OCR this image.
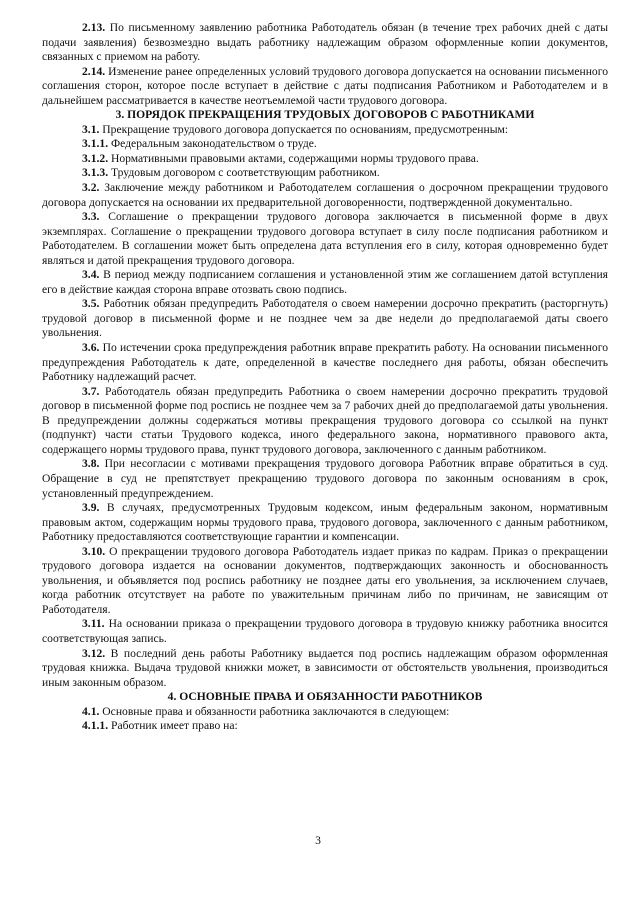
2.13. По письменному заявлению работника Работодатель обязан (в течение трех рабочих дней с даты подачи заявления) безвозмездно выдать работнику надлежащим образом оформленные копии документов, связанных с приемом на работу.

2.14. Изменение ранее определенных условий трудового договора допускается на основании письменного соглашения сторон, которое после вступает в действие с даты подписания Работником и Работодателем и в дальнейшем рассматривается в качестве неотъемлемой части трудового договора.

3. ПОРЯДОК ПРЕКРАЩЕНИЯ ТРУДОВЫХ ДОГОВОРОВ С РАБОТНИКАМИ

3.1. Прекращение трудового договора допускается по основаниям, предусмотренным:

3.1.1. Федеральным законодательством о труде.

3.1.2. Нормативными правовыми актами, содержащими нормы трудового права.

3.1.3. Трудовым договором с соответствующим работником.

3.2. Заключение между работником и Работодателем соглашения о досрочном прекращении трудового договора допускается на основании их предварительной договоренности, подтвержденной документально.

3.3. Соглашение о прекращении трудового договора заключается в письменной форме в двух экземплярах. Соглашение о прекращении трудового договора вступает в силу после подписания работником и Работодателем. В соглашении может быть определена дата вступления его в силу, которая одновременно будет являться и датой прекращения трудового договора.

3.4. В период между подписанием соглашения и установленной этим же соглашением датой вступления его в действие каждая сторона вправе отозвать свою подпись.

3.5. Работник обязан предупредить Работодателя о своем намерении досрочно прекратить (расторгнуть) трудовой договор в письменной форме и не позднее чем за две недели до предполагаемой даты своего увольнения.

3.6. По истечении срока предупреждения работник вправе прекратить работу. На основании письменного предупреждения Работодатель к дате, определенной в качестве последнего дня работы, обязан обеспечить Работнику надлежащий расчет.

3.7. Работодатель обязан предупредить Работника о своем намерении досрочно прекратить трудовой договор в письменной форме под роспись не позднее чем за 7 рабочих дней до предполагаемой даты увольнения. В предупреждении должны содержаться мотивы прекращения трудового договора со ссылкой на пункт (подпункт) части статьи Трудового кодекса, иного федерального закона, нормативного правового акта, содержащего нормы трудового права, пункт трудового договора, заключенного с данным работником.

3.8. При несогласии с мотивами прекращения трудового договора Работник вправе обратиться в суд. Обращение в суд не препятствует прекращению трудового договора по законным основаниям в срок, установленный предупреждением.

3.9. В случаях, предусмотренных Трудовым кодексом, иным федеральным законом, нормативным правовым актом, содержащим нормы трудового права, трудового договора, заключенного с данным работником, Работнику предоставляются соответствующие гарантии и компенсации.

3.10. О прекращении трудового договора Работодатель издает приказ по кадрам. Приказ о прекращении трудового договора издается на основании документов, подтверждающих законность и обоснованность увольнения, и объявляется под роспись работнику не позднее даты его увольнения, за исключением случаев, когда работник отсутствует на работе по уважительным причинам либо по причинам, не зависящим от Работодателя.

3.11. На основании приказа о прекращении трудового договора в трудовую книжку работника вносится соответствующая запись.

3.12. В последний день работы Работнику выдается под роспись надлежащим образом оформленная трудовая книжка. Выдача трудовой книжки может, в зависимости от обстоятельств увольнения, производиться иным законным образом.

4. ОСНОВНЫЕ ПРАВА И ОБЯЗАННОСТИ РАБОТНИКОВ

4.1. Основные права и обязанности работника заключаются в следующем:

4.1.1. Работник имеет право на:

3
